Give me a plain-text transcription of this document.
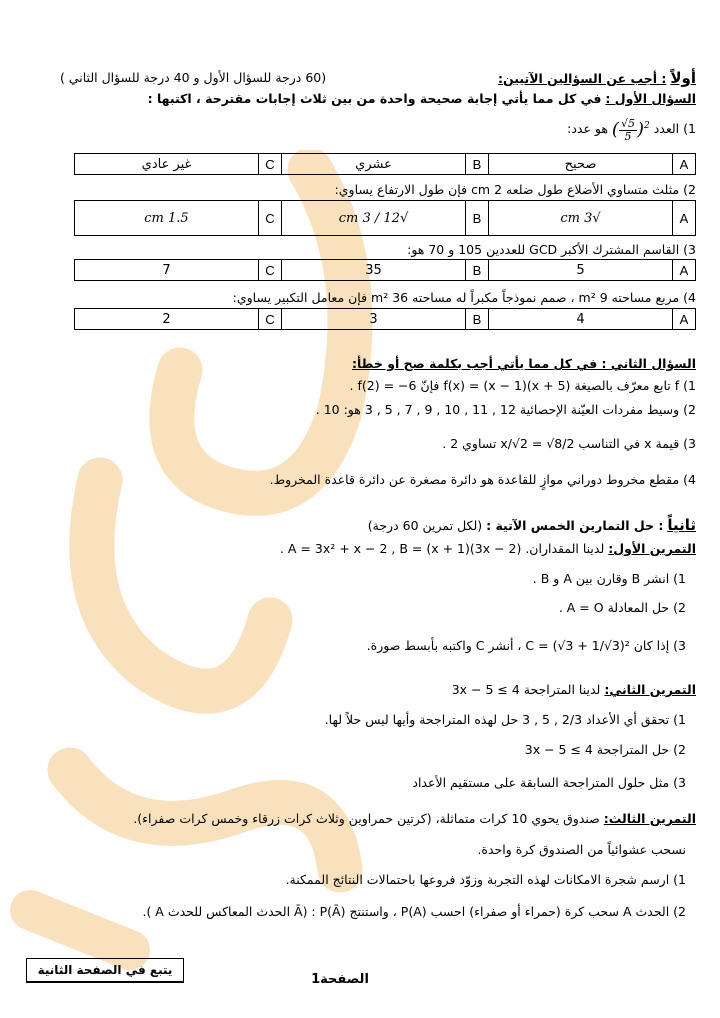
أولاً : أجب عن السؤالين الآتيين:
(60 درجة للسؤال الأول و 40 درجة للسؤال الثاني )
السؤال الأول : في كل مما يأتي إجابة صحيحة واحدة من بين ثلاث إجابات مقترحة ، اكتبها :
1) العدد ( $\frac{√5}{5} )^2$ هو عدد:
A	صحيح	B	عشري	C	غير عادي
2) مثلث متساوي الأضلاع طول ضلعه 2 cm فإن طول الارتفاع يساوي:
A	√3 cm	B	√12 / 3 cm	C	1.5 cm
3) القاسم المشترك الأكبر GCD للعددين 105 و 70 هو:
A	5	B	35	C	7
4) مربع مساحته 9 m² ، صمم نموذجاً مكبراً له مساحته 36 m² فإن معامل التكبير يساوي:
A	4	B	3	C	2
السؤال الثاني : في كل مما يأتي أجب بكلمة صح أو خطأ:
1) f تابع معرّف بالصيغة f(x) = (x − 1)(x + 5) فإنّ f(2) = −6 .
2) وسيط مفردات العيّنة الإحصائية 12 , 11 , 10 , 9 , 7 , 5 , 3 هو: 10 .
3) قيمة x في التناسب x/√2 = √8/2 تساوي 2 .
4) مقطع مخروط دوراني موازٍ للقاعدة هو دائرة مصغرة عن دائرة قاعدة المخروط.
ثانياً : حل التمارين الخمس الآتية : (لكل تمرين 60 درجة)
التمرين الأول: لدينا المقداران. A = 3x² + x − 2 , B = (x + 1)(3x − 2) .
1) انشر B وقارن بين A و B .
2) حل المعادلة A = O .
3) إذا كان C = (√3 + 1/√3)² ، أنشر C واكتبه بأبسط صورة.
التمرين الثاني: لدينا المتراجحة 3x − 5 ≤ 4
1) تحقق أي الأعداد 2/3 , 5 , 3 حل لهذه المتراجحة وأيها ليس حلاً لها.
2) حل المتراجحة 3x − 5 ≤ 4
3) مثل حلول المتراجحة السابقة على مستقيم الأعداد
التمرين الثالث: صندوق يحوي 10 كرات متماثلة، (كرتين حمراوين وثلاث كرات زرقاء وخمس كرات صفراء).
نسحب عشوائياً من الصندوق كرة واحدة.
1) ارسم شجرة الامكانات لهذه التجربة وزوّد فروعها باحتمالات النتائج الممكنة.
2) الحدث A سحب كرة (حمراء أو صفراء) احسب P(A) ، واستنتج P(Ā) : (Ā الحدث المعاكس للحدث A ).
يتبع في الصفحة الثانية
الصفحة1
